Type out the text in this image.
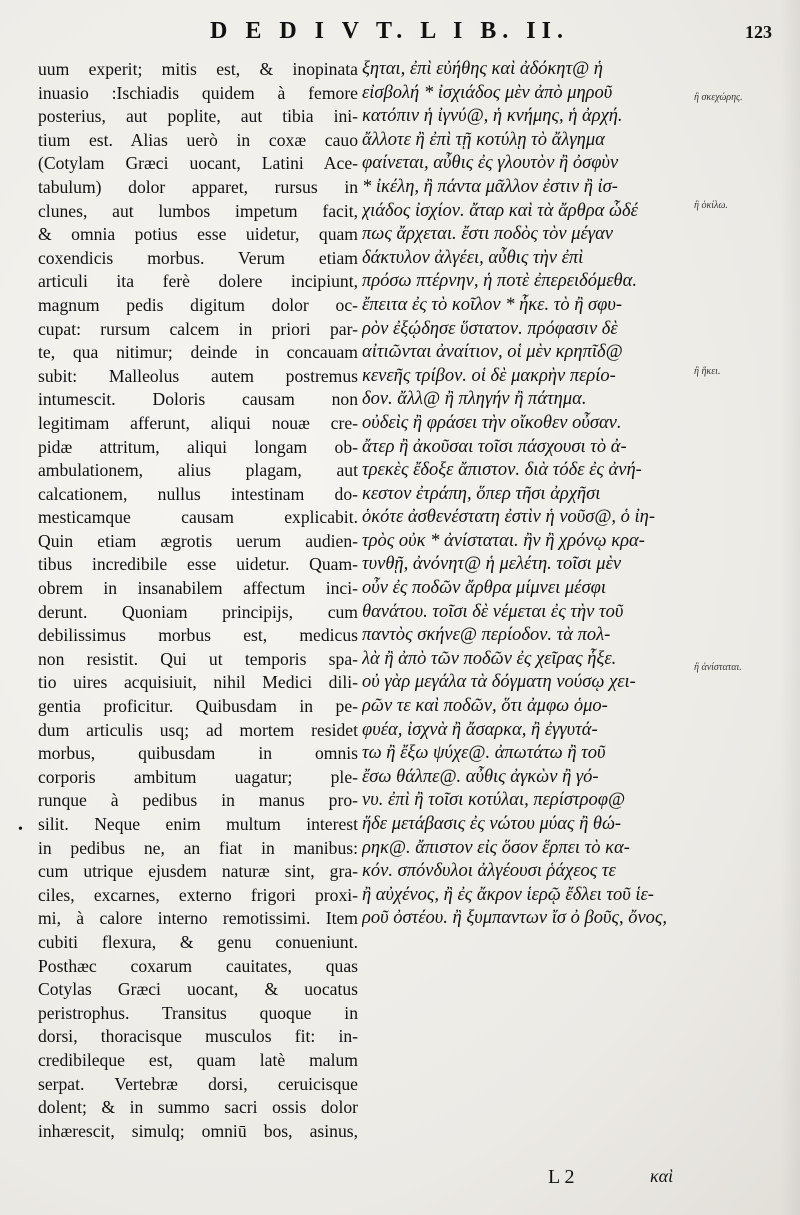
D E D I V T. L I B. II.	123
uum experit; mitis est, & inopinata
inuasio :Ischiadis quidem à femore
posterius, aut poplite, aut tibia ini-
tium est. Alias uerò in coxæ cauo
(Cotylam Græci uocant, Latini Ace-
tabulum) dolor apparet, rursus in
clunes, aut lumbos impetum facit,
& omnia potius esse uidetur, quam
coxendicis morbus. Verum etiam
articuli ita ferè dolere incipiunt,
magnum pedis digitum dolor oc-
cupat: rursum calcem in priori par-
te, qua nitimur; deinde in concauam
subit: Malleolus autem postremus
intumescit. Doloris causam non
legitimam afferunt, aliqui nouæ cre-
pidæ attritum, aliqui longam ob-
ambulationem, alius plagam, aut
calcationem, nullus intestinam do-
mesticamque causam explicabit.
Quin etiam ægrotis uerum audien-
tibus incredibile esse uidetur. Quam-
obrem in insanabilem affectum inci-
derunt. Quoniam principijs, cum
debilissimus morbus est, medicus
non resistit. Qui ut temporis spa-
tio uires acquisiuit, nihil Medici dili-
gentia proficitur. Quibusdam in pe-
dum articulis usq; ad mortem residet
morbus, quibusdam in omnis
corporis ambitum uagatur; ple-
runque à pedibus in manus pro-
silit. Neque enim multum interest
in pedibus ne, an fiat in manibus:
cum utrique ejusdem naturæ sint, gra-
ciles, excarnes, externo frigori proxi-
mi, à calore interno remotissimi. Item
cubiti flexura, & genu conueniunt.
Posthæc coxarum cauitates, quas
Cotylas Græci uocant, & uocatus
peristrophus. Transitus quoque in
dorsi, thoracisque musculos fit: in-
credibileque est, quam latè malum
serpat. Vertebræ dorsi, ceruicisque
dolent; & in summo sacri ossis dolor
inhærescit, simulq; omniū bos, asinus,
ξηται, ἐπὶ εὐήθης καὶ ἀδόκητ@ ἡ
εἰσβολή * ἰσχιάδος μὲν ἀπὸ μηροῦ
κατόπιν ἡ ἰγνύ@, ἡ κνήμης, ἡ ἀρχή.
ἄλλοτε ἢ ἐπὶ τῇ κοτύλῃ τὸ ἄλγημα
φαίνεται, αὖθις ἐς γλουτὸν ἢ ὀσφὺν
* ἰκέλη, ἢ πάντα μᾶλλον ἐστιν ἢ ἰσ-
χιάδος ἰσχίον. ἄταρ καὶ τὰ ἄρθρα ὧδέ
πως ἄρχεται. ἔστι ποδὸς τὸν μέγαν
δάκτυλον ἀλγέει, αὖθις τὴν ἐπὶ
πρόσω πτέρνην, ἡ ποτὲ ἐπερειδόμεθα.
ἔπειτα ἐς τὸ κοῖλον * ἧκε. τὸ ἢ σφυ-
ρὸν ἐξῴδησε ὕστατον. πρόφασιν δὲ
αἰτιῶνται ἀναίτιον, οἱ μὲν κρηπῖδ@
κενεῆς τρίβον. οἱ δὲ μακρὴν περίο-
δον. ἄλλ@ ἢ πληγήν ἢ πάτημα.
οὐδεὶς ἢ φράσει τὴν οἴκοθεν οὖσαν.
ἄτερ ἢ ἀκοῦσαι τοῖσι πάσχουσι τὸ ἀ-
τρεκὲς ἔδοξε ἄπιστον. διὰ τόδε ἐς ἀνή-
κεστον ἐτράπη, ὅπερ τῆσι ἀρχῆσι
ὁκότε ἀσθενέστατη ἐστὶν ἡ νοῦσ@, ὁ ἰη-
τρὸς οὐκ * ἀνίσταται. ἢν ἢ χρόνῳ κρα-
τυνθῇ, ἀνόνητ@ ἡ μελέτη. τοῖσι μὲν
οὖν ἐς ποδῶν ἄρθρα μίμνει μέσφι
θανάτου. τοῖσι δὲ νέμεται ἐς τὴν τοῦ
παντὸς σκήνε@ περίοδον. τὰ πολ-
λὰ ἢ ἀπὸ τῶν ποδῶν ἐς χεῖρας ἧξε.
οὐ γὰρ μεγάλα τὰ δόγματη νούσῳ χει-
ρῶν τε καὶ ποδῶν, ὅτι ἀμφω ὁμο-
φυέα, ἰσχνὰ ἢ ἄσαρκα, ἢ ἐγγυτά-
τω ἢ ἔξω ψύχε@. ἀπωτάτω ἢ τοῦ
ἔσω θάλπε@. αὖθις ἀγκὼν ἢ γό-
νυ. ἐπὶ ἢ τοῖσι κοτύλαι, περίστροφ@
ἥδε μετάβασις ἐς νώτου μύας ἢ θώ-
ρηκ@. ἄπιστον εἰς ὅσον ἕρπει τὸ κα-
κόν. σπόνδυλοι ἀλγέουσι ῥάχεος τε
ἢ αὐχένος, ἢ ἐς ἄκρον ἱερῷ ἔδλει τοῦ ἱε-
ροῦ ὀστέου. ἢ ξυμπαντων ἴσ ὀ βοῦς, ὄνος,
ἢ σκεχώρης.
ἢ ὁκίλω.
ἢ ἥκει.
ἢ ἀνίσταται.
•
L 2	καὶ
